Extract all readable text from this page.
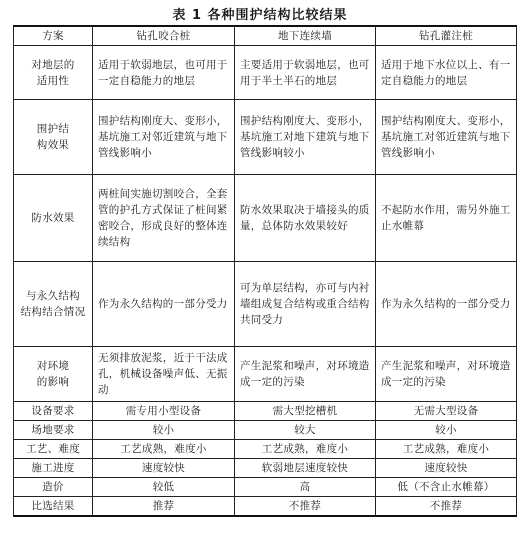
表 1 各种围护结构比较结果
方案	钻孔咬合桩	地下连续墙	钻孔灌注桩
对地层的
适用性	适用于软弱地层，也可用于一定自稳能力的地层	主要适用于软弱地层，也可用于半土半石的地层	适用于地下水位以上、有一定自稳能力的地层
围护结
构效果	围护结构刚度大、变形小，基坑施工对邻近建筑与地下管线影响小	围护结构刚度大、变形小，基坑施工对地下建筑与地下管线影响较小	围护结构刚度大、变形小，基坑施工对邻近建筑与地下管线影响小
防水效果	两桩间实施切割咬合，全套管的护孔方式保证了桩间紧密咬合，形成良好的整体连续结构	防水效果取决于墙接头的质量，总体防水效果较好	不起防水作用，需另外施工止水帷幕
与永久结构
结构结合情况	作为永久结构的一部分受力	可为单层结构，亦可与内衬墙组成复合结构或重合结构共同受力	作为永久结构的一部分受力
对环境
的影响	无须排放泥浆，近于干法成孔，机械设备噪声低、无振动	产生泥浆和噪声，对环境造成一定的污染	产生泥浆和噪声，对环境造成一定的污染
设备要求	需专用小型设备	需大型挖槽机	无需大型设备
场地要求	较小	较大	较小
工艺、难度	工艺成熟，难度小	工艺成熟，难度小	工艺成熟，难度小
施工进度	速度较快	软弱地层速度较快	速度较快
造价	较低	高	低（不含止水帷幕）
比选结果	推荐	不推荐	不推荐
